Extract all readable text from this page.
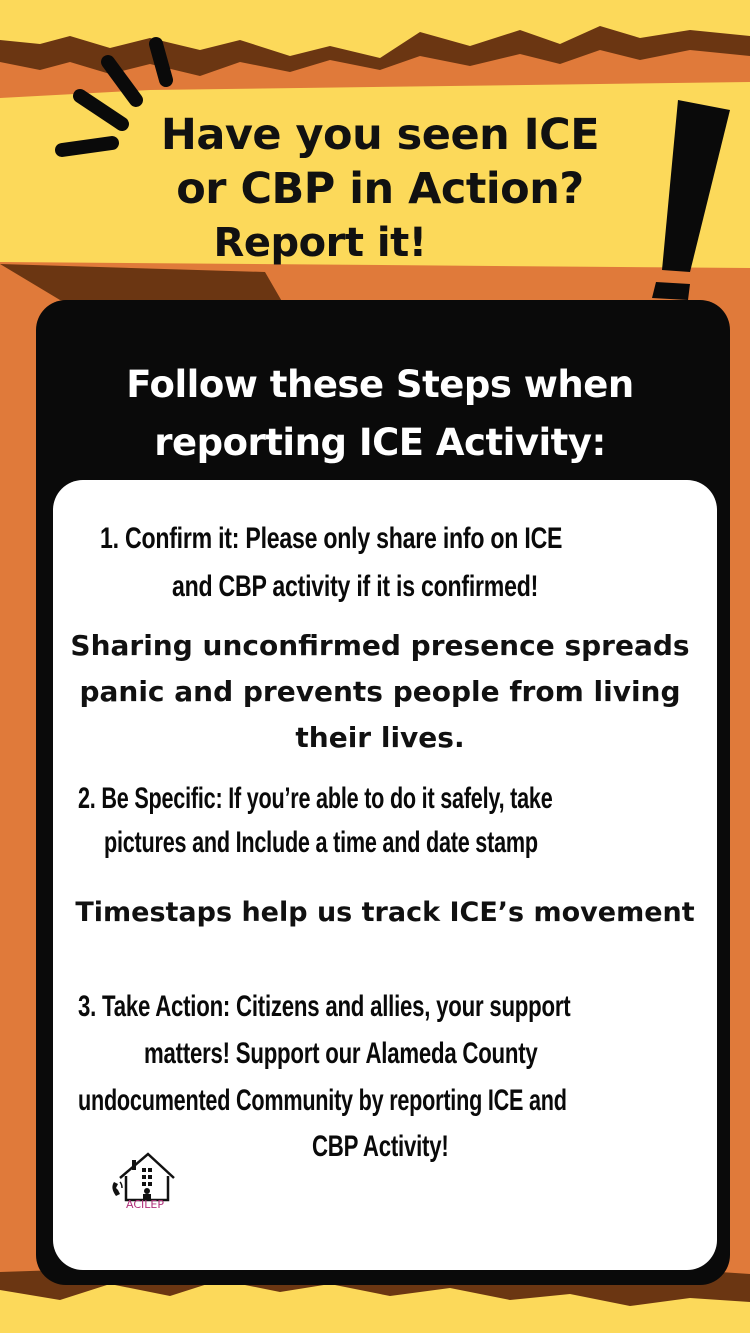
Have you seen ICE
or CBP in Action?
Report it!
Follow these Steps when
reporting ICE Activity:
1. Confirm it: Please only share info on ICE
and CBP activity if it is confirmed!
Sharing unconfirmed presence spreads
panic and prevents people from living
their lives.
2. Be Specific: If you’re able to do it safely, take
pictures and Include a time and date stamp
Timestaps help us track ICE’s movement
3. Take Action: Citizens and allies, your support
matters! Support our Alameda County
undocumented Community by reporting ICE and
CBP Activity!
ACILEP
